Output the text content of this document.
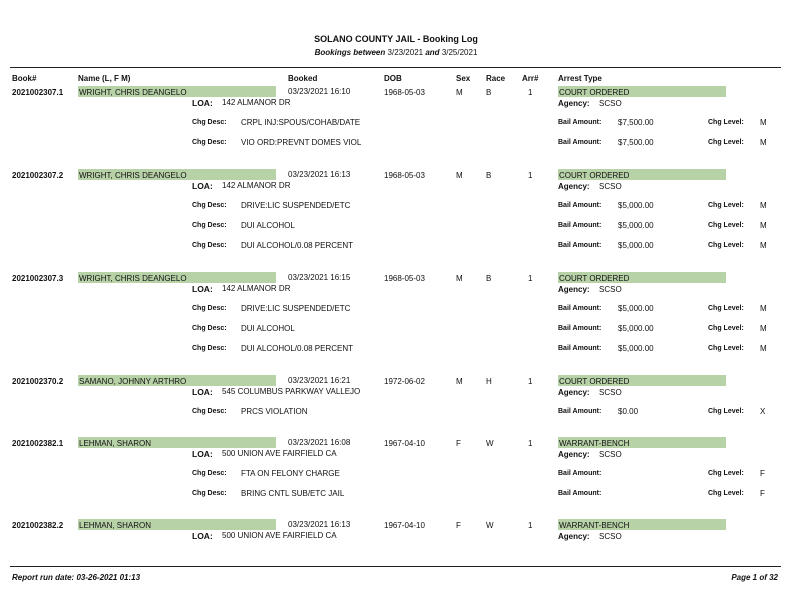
SOLANO COUNTY JAIL - Booking Log
Bookings between 3/23/2021 and 3/25/2021
Book#	Name (L, F M)	Booked	DOB	Sex Race Arr# Arrest Type
2021002307.1 WRIGHT, CHRIS DEANGELO	03/23/2021 16:10	1968-05-03	M	B	1	COURT ORDERED
LOA: 142 ALMANOR DR	Agency: SCSO
Chg Desc: CRPL INJ:SPOUS/COHAB/DATE	Bail Amount: $7,500.00	Chg Level: M
Chg Desc: VIO ORD:PREVNT DOMES VIOL	Bail Amount: $7,500.00	Chg Level: M
2021002307.2 WRIGHT, CHRIS DEANGELO	03/23/2021 16:13	1968-05-03	M	B	1	COURT ORDERED
LOA: 142 ALMANOR DR	Agency: SCSO
Chg Desc: DRIVE:LIC SUSPENDED/ETC	Bail Amount: $5,000.00	Chg Level: M
Chg Desc: DUI ALCOHOL	Bail Amount: $5,000.00	Chg Level: M
Chg Desc: DUI ALCOHOL/0.08 PERCENT	Bail Amount: $5,000.00	Chg Level: M
2021002307.3 WRIGHT, CHRIS DEANGELO	03/23/2021 16:15	1968-05-03	M	B	1	COURT ORDERED
LOA: 142 ALMANOR DR	Agency: SCSO
Chg Desc: DRIVE:LIC SUSPENDED/ETC	Bail Amount: $5,000.00	Chg Level: M
Chg Desc: DUI ALCOHOL	Bail Amount: $5,000.00	Chg Level: M
Chg Desc: DUI ALCOHOL/0.08 PERCENT	Bail Amount: $5,000.00	Chg Level: M
2021002370.2 SAMANO, JOHNNY ARTHRO	03/23/2021 16:21	1972-06-02	M	H	1	COURT ORDERED
LOA: 545 COLUMBUS PARKWAY VALLEJO	Agency: SCSO
Chg Desc: PRCS VIOLATION	Bail Amount: $0.00	Chg Level: X
2021002382.1 LEHMAN, SHARON	03/23/2021 16:08	1967-04-10	F	W	1	WARRANT-BENCH
LOA: 500 UNION AVE FAIRFIELD CA	Agency: SCSO
Chg Desc: FTA ON FELONY CHARGE	Bail Amount:	Chg Level: F
Chg Desc: BRING CNTL SUB/ETC JAIL	Bail Amount:	Chg Level: F
2021002382.2 LEHMAN, SHARON	03/23/2021 16:13	1967-04-10	F	W	1	WARRANT-BENCH
LOA: 500 UNION AVE FAIRFIELD CA	Agency: SCSO
Report run date: 03-26-2021 01:13	Page 1 of 32
